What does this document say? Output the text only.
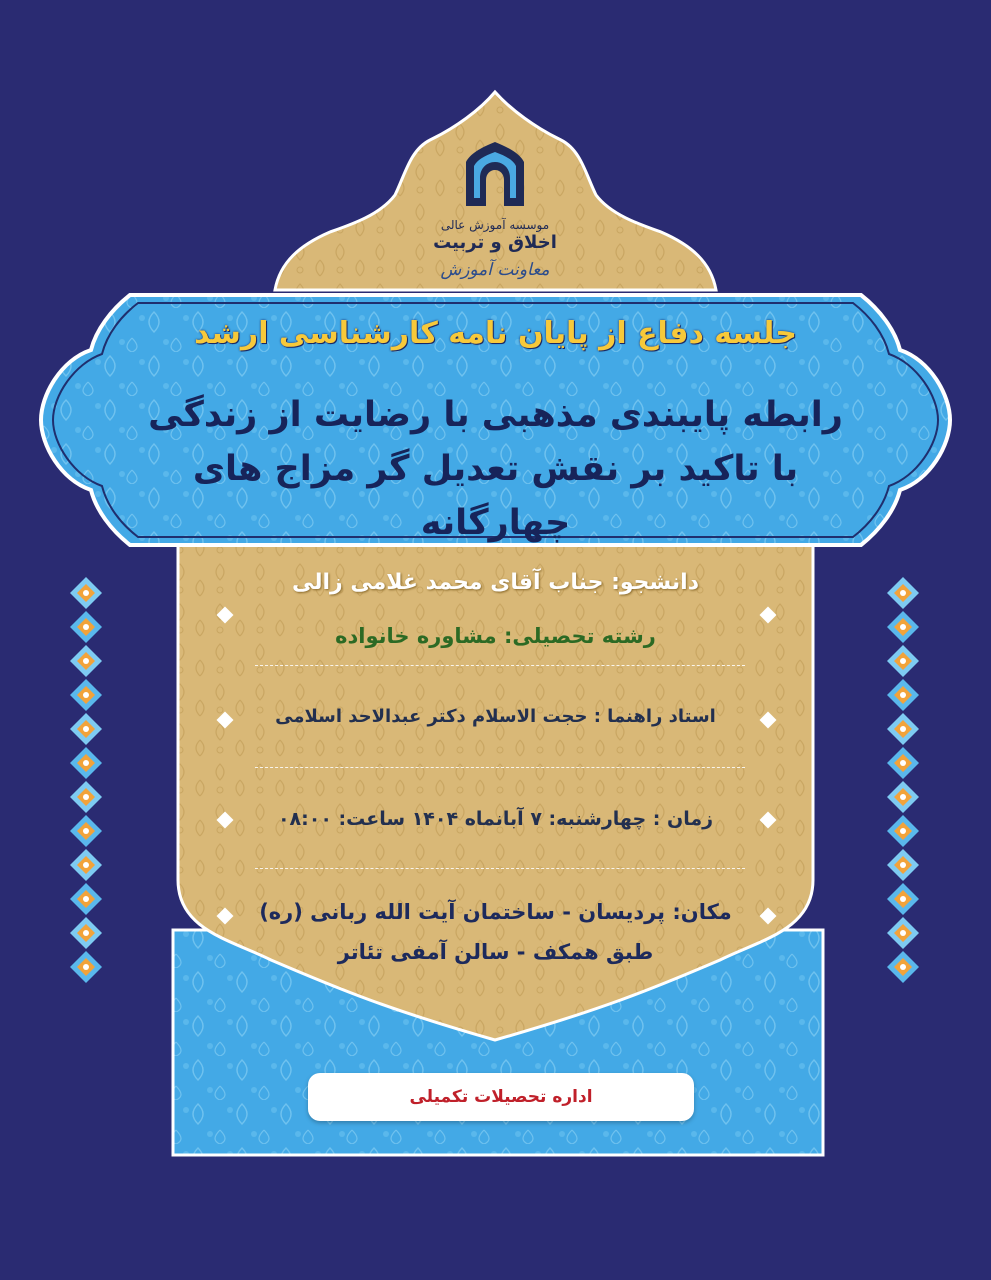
موسسه آموزش عالی
اخلاق و تربیت
معاونت آموزش
جلسه دفاع از پایان نامه کارشناسی ارشد
رابطه پایبندی مذهبی با رضایت از زندگی
با تاکید بر نقش تعدیل گر مزاج های چهارگانه
دانشجو: جناب آقای محمد غلامی زالی
رشته تحصیلی: مشاوره خانواده
استاد راهنما : حجت الاسلام دکتر عبدالاحد اسلامی
زمان : چهارشنبه: ۷ آبانماه ۱۴۰۴ ساعت: ۰۸:۰۰
مکان: پردیسان - ساختمان آیت الله ربانی (ره)
طبق همکف - سالن آمفی تئاتر
اداره تحصیلات تکمیلی
